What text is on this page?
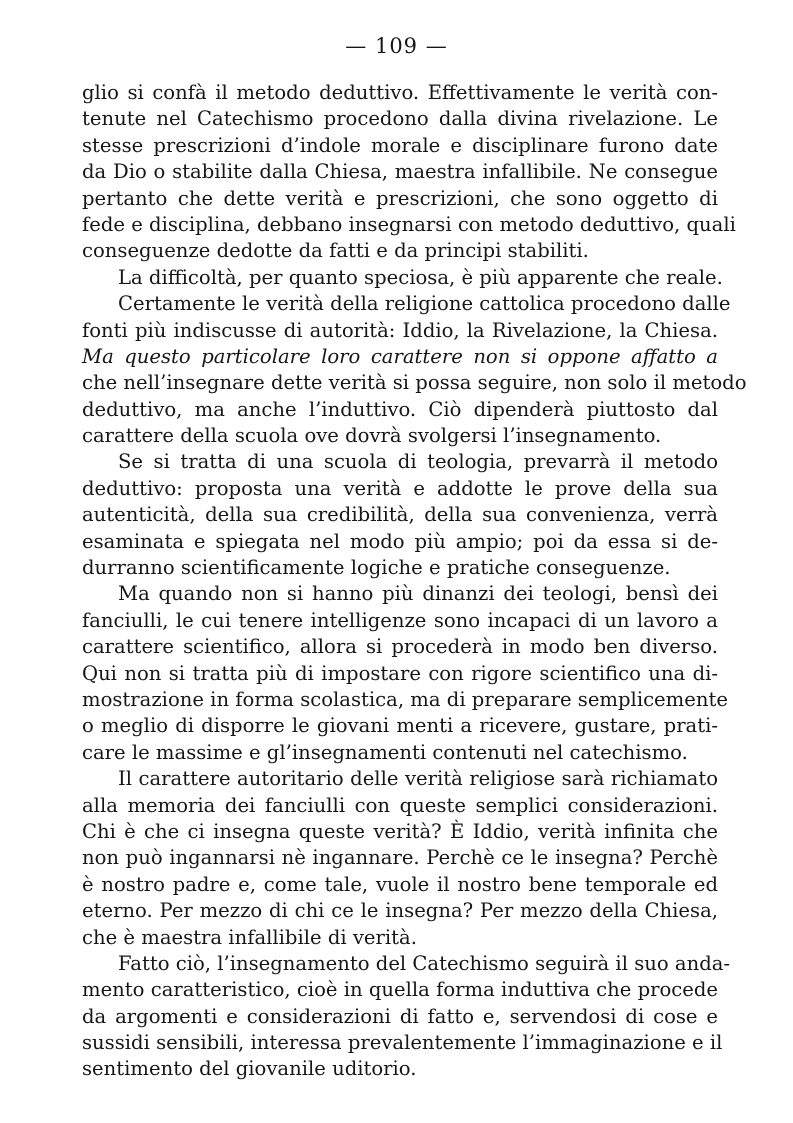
— 109 —
glio si confà il metodo deduttivo. Effettivamente le verità con-
tenute nel Catechismo procedono dalla divina rivelazione. Le
stesse prescrizioni d’indole morale e disciplinare furono date
da Dio o stabilite dalla Chiesa, maestra infallibile. Ne consegue
pertanto che dette verità e prescrizioni, che sono oggetto di
fede e disciplina, debbano insegnarsi con metodo deduttivo, quali
conseguenze dedotte da fatti e da principi stabiliti.
La difficoltà, per quanto speciosa, è più apparente che reale.
Certamente le verità della religione cattolica procedono dalle
fonti più indiscusse di autorità: Iddio, la Rivelazione, la Chiesa.
Ma questo particolare loro carattere non si oppone affatto a
che nell’insegnare dette verità si possa seguire, non solo il metodo
deduttivo, ma anche l’induttivo. Ciò dipenderà piuttosto dal
carattere della scuola ove dovrà svolgersi l’insegnamento.
Se si tratta di una scuola di teologia, prevarrà il metodo
deduttivo: proposta una verità e addotte le prove della sua
autenticità, della sua credibilità, della sua convenienza, verrà
esaminata e spiegata nel modo più ampio; poi da essa si de-
durranno scientificamente logiche e pratiche conseguenze.
Ma quando non si hanno più dinanzi dei teologi, bensì dei
fanciulli, le cui tenere intelligenze sono incapaci di un lavoro a
carattere scientifico, allora si procederà in modo ben diverso.
Qui non si tratta più di impostare con rigore scientifico una di-
mostrazione in forma scolastica, ma di preparare semplicemente
o meglio di disporre le giovani menti a ricevere, gustare, prati-
care le massime e gl’insegnamenti contenuti nel catechismo.
Il carattere autoritario delle verità religiose sarà richiamato
alla memoria dei fanciulli con queste semplici considerazioni.
Chi è che ci insegna queste verità? È Iddio, verità infinita che
non può ingannarsi nè ingannare. Perchè ce le insegna? Perchè
è nostro padre e, come tale, vuole il nostro bene temporale ed
eterno. Per mezzo di chi ce le insegna? Per mezzo della Chiesa,
che è maestra infallibile di verità.
Fatto ciò, l’insegnamento del Catechismo seguirà il suo anda-
mento caratteristico, cioè in quella forma induttiva che procede
da argomenti e considerazioni di fatto e, servendosi di cose e
sussidi sensibili, interessa prevalentemente l’immaginazione e il
sentimento del giovanile uditorio.
